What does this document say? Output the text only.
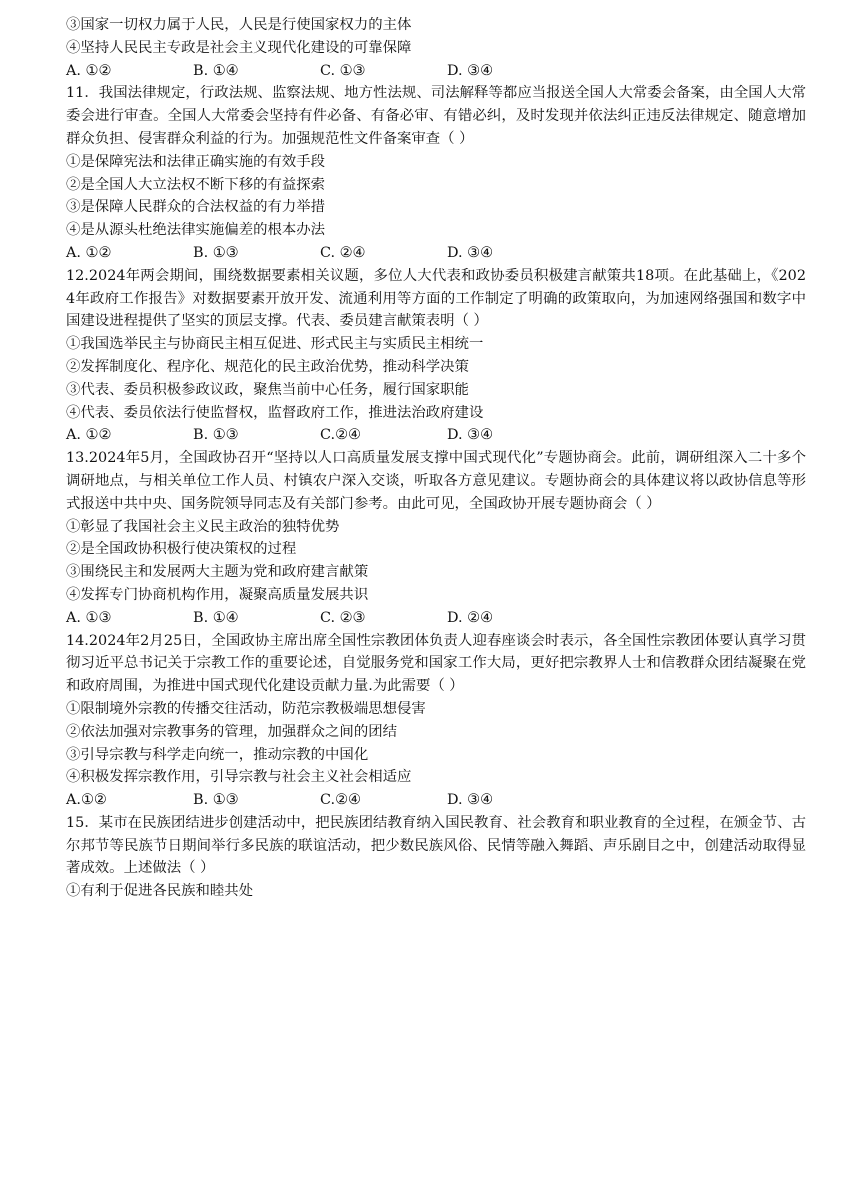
③国家一切权力属于人民，人民是行使国家权力的主体
④坚持人民民主专政是社会主义现代化建设的可靠保障
A. ①②	B. ①④	C. ①③	D. ③④
11．我国法律规定，行政法规、监察法规、地方性法规、司法解释等都应当报送全国人大常委会备案，由全国人大常委会进行审查。全国人大常委会坚持有件必备、有备必审、有错必纠，及时发现并依法纠正违反法律规定、随意增加群众负担、侵害群众利益的行为。加强规范性文件备案审查（ ）
①是保障宪法和法律正确实施的有效手段
②是全国人大立法权不断下移的有益探索
③是保障人民群众的合法权益的有力举措
④是从源头杜绝法律实施偏差的根本办法
A. ①②	B. ①③	C. ②④	D. ③④
12.2024年两会期间，围绕数据要素相关议题，多位人大代表和政协委员积极建言献策共18项。在此基础上，《2024年政府工作报告》对数据要素开放开发、流通利用等方面的工作制定了明确的政策取向，为加速网络强国和数字中国建设进程提供了坚实的顶层支撑。代表、委员建言献策表明（ ）
①我国选举民主与协商民主相互促进、形式民主与实质民主相统一
②发挥制度化、程序化、规范化的民主政治优势，推动科学决策
③代表、委员积极参政议政，聚焦当前中心任务，履行国家职能
④代表、委员依法行使监督权，监督政府工作，推进法治政府建设
A. ①②	B. ①③	C.②④	D. ③④
13.2024年5月，全国政协召开“坚持以人口高质量发展支撑中国式现代化”专题协商会。此前，调研组深入二十多个调研地点，与相关单位工作人员、村镇农户深入交谈，听取各方意见建议。专题协商会的具体建议将以政协信息等形式报送中共中央、国务院领导同志及有关部门参考。由此可见，全国政协开展专题协商会（ ）
①彰显了我国社会主义民主政治的独特优势
②是全国政协积极行使决策权的过程
③围绕民主和发展两大主题为党和政府建言献策
④发挥专门协商机构作用，凝聚高质量发展共识
A. ①③	B. ①④	C. ②③	D. ②④
14.2024年2月25日，全国政协主席出席全国性宗教团体负责人迎春座谈会时表示，各全国性宗教团体要认真学习贯彻习近平总书记关于宗教工作的重要论述，自觉服务党和国家工作大局，更好把宗教界人士和信教群众团结凝聚在党和政府周围，为推进中国式现代化建设贡献力量.为此需要（ ）
①限制境外宗教的传播交往活动，防范宗教极端思想侵害
②依法加强对宗教事务的管理，加强群众之间的团结
③引导宗教与科学走向统一，推动宗教的中国化
④积极发挥宗教作用，引导宗教与社会主义社会相适应
A.①②	B. ①③	C.②④	D. ③④
15．某市在民族团结进步创建活动中，把民族团结教育纳入国民教育、社会教育和职业教育的全过程，在颁金节、古尔邦节等民族节日期间举行多民族的联谊活动，把少数民族风俗、民情等融入舞蹈、声乐剧目之中，创建活动取得显著成效。上述做法（ ）
①有利于促进各民族和睦共处
